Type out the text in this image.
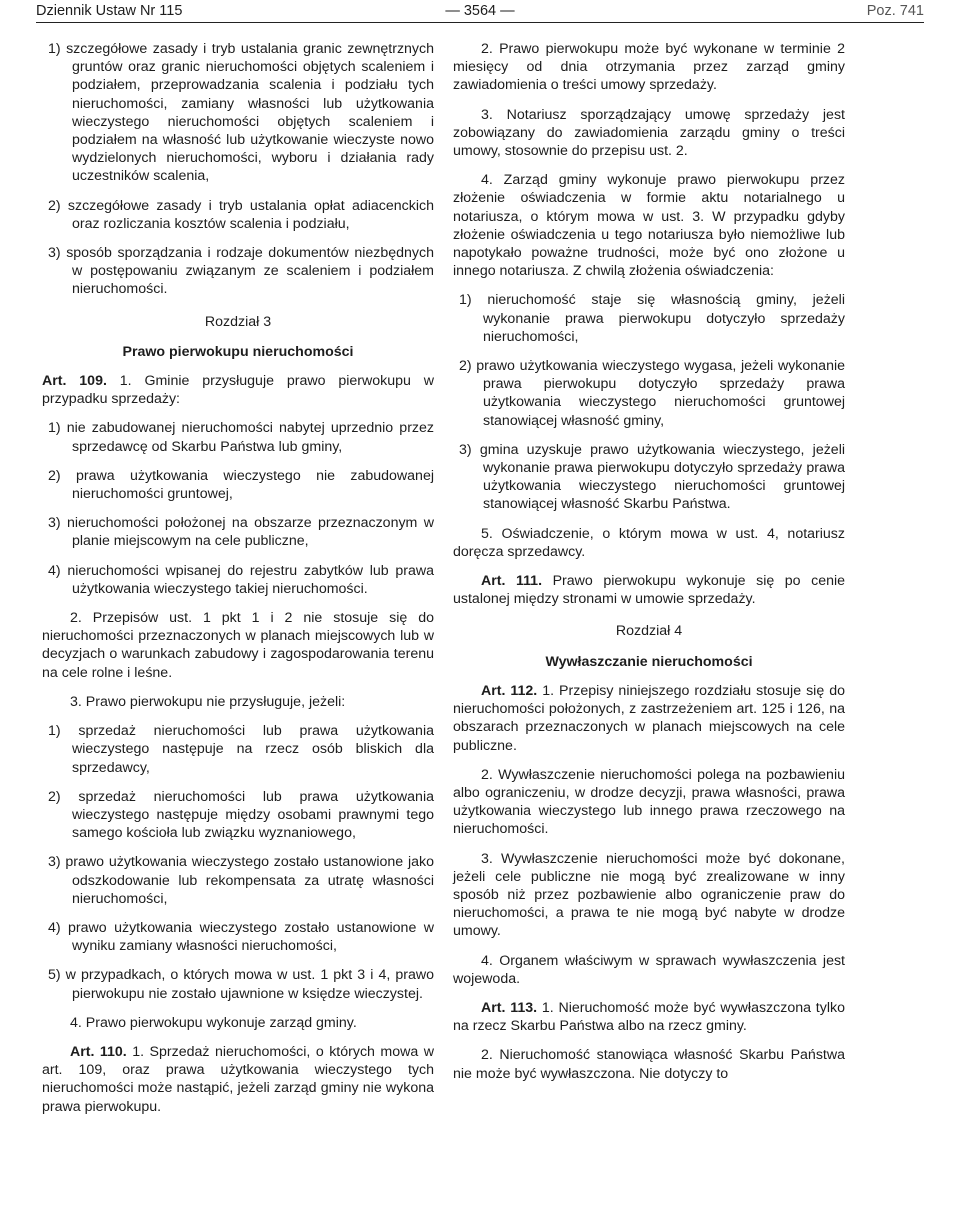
Dziennik Ustaw Nr 115	— 3564 —	Poz. 741

1) szczegółowe zasady i tryb ustalania granic zewnętrznych gruntów oraz granic nieruchomości objętych scaleniem i podziałem, przeprowadzania scalenia i podziału tych nieruchomości, zamiany własności lub użytkowania wieczystego nieruchomości objętych scaleniem i podziałem na własność lub użytkowanie wieczyste nowo wydzielonych nieruchomości, wyboru i działania rady uczestników scalenia,

2) szczegółowe zasady i tryb ustalania opłat adiacenckich oraz rozliczania kosztów scalenia i podziału,

3) sposób sporządzania i rodzaje dokumentów niezbędnych w postępowaniu związanym ze scaleniem i podziałem nieruchomości.

Rozdział 3
Prawo pierwokupu nieruchomości

Art. 109. 1. Gminie przysługuje prawo pierwokupu w przypadku sprzedaży:

1) nie zabudowanej nieruchomości nabytej uprzednio przez sprzedawcę od Skarbu Państwa lub gminy,

2) prawa użytkowania wieczystego nie zabudowanej nieruchomości gruntowej,

3) nieruchomości położonej na obszarze przeznaczonym w planie miejscowym na cele publiczne,

4) nieruchomości wpisanej do rejestru zabytków lub prawa użytkowania wieczystego takiej nieruchomości.

2. Przepisów ust. 1 pkt 1 i 2 nie stosuje się do nieruchomości przeznaczonych w planach miejscowych lub w decyzjach o warunkach zabudowy i zagospodarowania terenu na cele rolne i leśne.

3. Prawo pierwokupu nie przysługuje, jeżeli:

1) sprzedaż nieruchomości lub prawa użytkowania wieczystego następuje na rzecz osób bliskich dla sprzedawcy,

2) sprzedaż nieruchomości lub prawa użytkowania wieczystego następuje między osobami prawnymi tego samego kościoła lub związku wyznaniowego,

3) prawo użytkowania wieczystego zostało ustanowione jako odszkodowanie lub rekompensata za utratę własności nieruchomości,

4) prawo użytkowania wieczystego zostało ustanowione w wyniku zamiany własności nieruchomości,

5) w przypadkach, o których mowa w ust. 1 pkt 3 i 4, prawo pierwokupu nie zostało ujawnione w księdze wieczystej.

4. Prawo pierwokupu wykonuje zarząd gminy.

Art. 110. 1. Sprzedaż nieruchomości, o których mowa w art. 109, oraz prawa użytkowania wieczystego tych nieruchomości może nastąpić, jeżeli zarząd gminy nie wykona prawa pierwokupu.

2. Prawo pierwokupu może być wykonane w terminie 2 miesięcy od dnia otrzymania przez zarząd gminy zawiadomienia o treści umowy sprzedaży.

3. Notariusz sporządzający umowę sprzedaży jest zobowiązany do zawiadomienia zarządu gminy o treści umowy, stosownie do przepisu ust. 2.

4. Zarząd gminy wykonuje prawo pierwokupu przez złożenie oświadczenia w formie aktu notarialnego u notariusza, o którym mowa w ust. 3. W przypadku gdyby złożenie oświadczenia u tego notariusza było niemożliwe lub napotykało poważne trudności, może być ono złożone u innego notariusza. Z chwilą złożenia oświadczenia:

1) nieruchomość staje się własnością gminy, jeżeli wykonanie prawa pierwokupu dotyczyło sprzedaży nieruchomości,

2) prawo użytkowania wieczystego wygasa, jeżeli wykonanie prawa pierwokupu dotyczyło sprzedaży prawa użytkowania wieczystego nieruchomości gruntowej stanowiącej własność gminy,

3) gmina uzyskuje prawo użytkowania wieczystego, jeżeli wykonanie prawa pierwokupu dotyczyło sprzedaży prawa użytkowania wieczystego nieruchomości gruntowej stanowiącej własność Skarbu Państwa.

5. Oświadczenie, o którym mowa w ust. 4, notariusz doręcza sprzedawcy.

Art. 111. Prawo pierwokupu wykonuje się po cenie ustalonej między stronami w umowie sprzedaży.

Rozdział 4
Wywłaszczanie nieruchomości

Art. 112. 1. Przepisy niniejszego rozdziału stosuje się do nieruchomości położonych, z zastrzeżeniem art. 125 i 126, na obszarach przeznaczonych w planach miejscowych na cele publiczne.

2. Wywłaszczenie nieruchomości polega na pozbawieniu albo ograniczeniu, w drodze decyzji, prawa własności, prawa użytkowania wieczystego lub innego prawa rzeczowego na nieruchomości.

3. Wywłaszczenie nieruchomości może być dokonane, jeżeli cele publiczne nie mogą być zrealizowane w inny sposób niż przez pozbawienie albo ograniczenie praw do nieruchomości, a prawa te nie mogą być nabyte w drodze umowy.

4. Organem właściwym w sprawach wywłaszczenia jest wojewoda.

Art. 113. 1. Nieruchomość może być wywłaszczona tylko na rzecz Skarbu Państwa albo na rzecz gminy.

2. Nieruchomość stanowiąca własność Skarbu Państwa nie może być wywłaszczona. Nie dotyczy to
